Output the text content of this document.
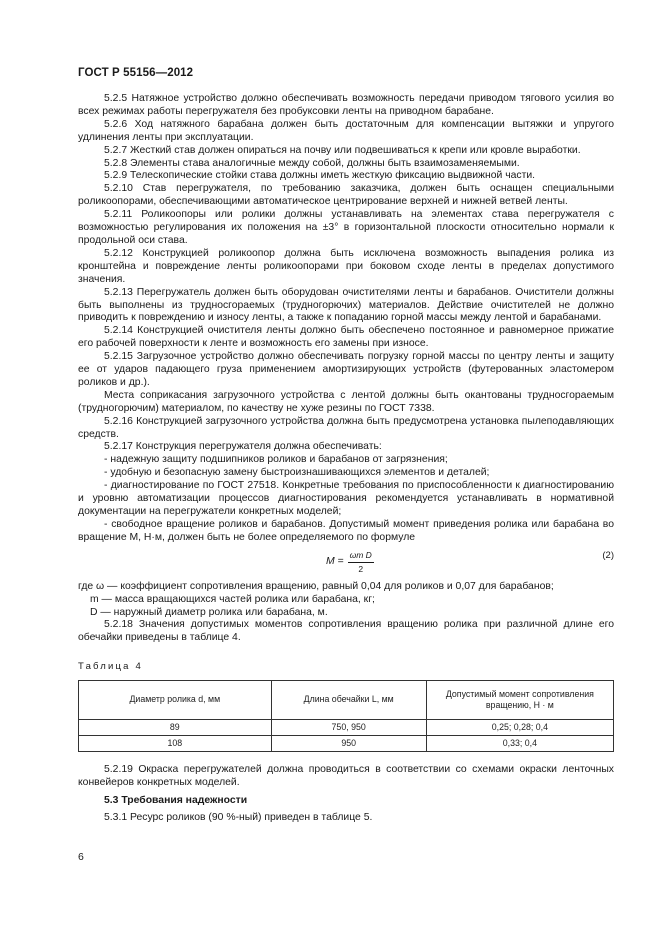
ГОСТ Р 55156—2012

5.2.5 Натяжное устройство должно обеспечивать возможность передачи приводом тягового усилия во всех режимах работы перегружателя без пробуксовки ленты на приводном барабане.

5.2.6 Ход натяжного барабана должен быть достаточным для компенсации вытяжки и упругого удлинения ленты при эксплуатации.

5.2.7 Жесткий став должен опираться на почву или подвешиваться к крепи или кровле выработки.

5.2.8 Элементы става аналогичные между собой, должны быть взаимозаменяемыми.

5.2.9 Телескопические стойки става должны иметь жесткую фиксацию выдвижной части.

5.2.10 Став перегружателя, по требованию заказчика, должен быть оснащен специальными роликоопорами, обеспечивающими автоматическое центрирование верхней и нижней ветвей ленты.

5.2.11 Роликоопоры или ролики должны устанавливать на элементах става перегружателя с возможностью регулирования их положения на ±3° в горизонтальной плоскости относительно нормали к продольной оси става.

5.2.12 Конструкцией роликоопор должна быть исключена возможность выпадения ролика из кронштейна и повреждение ленты роликоопорами при боковом сходе ленты в пределах допустимого значения.

5.2.13 Перегружатель должен быть оборудован очистителями ленты и барабанов. Очистители должны быть выполнены из трудносгораемых (трудногорючих) материалов. Действие очистителей не должно приводить к повреждению и износу ленты, а также к попаданию горной массы между лентой и барабанами.

5.2.14 Конструкцией очистителя ленты должно быть обеспечено постоянное и равномерное прижатие его рабочей поверхности к ленте и возможность его замены при износе.

5.2.15 Загрузочное устройство должно обеспечивать погрузку горной массы по центру ленты и защиту ее от ударов падающего груза применением амортизирующих устройств (футерованных эластомером роликов и др.).

Места соприкасания загрузочного устройства с лентой должны быть окантованы трудносгораемым (трудногорючим) материалом, по качеству не хуже резины по ГОСТ 7338.

5.2.16 Конструкцией загрузочного устройства должна быть предусмотрена установка пылеподавляющих средств.

5.2.17 Конструкция перегружателя должна обеспечивать:

- надежную защиту подшипников роликов и барабанов от загрязнения;

- удобную и безопасную замену быстроизнашивающихся элементов и деталей;

- диагностирование по ГОСТ 27518. Конкретные требования по приспособленности к диагностированию и уровню автоматизации процессов диагностирования рекомендуется устанавливать в нормативной документации на перегружатели конкретных моделей;

- свободное вращение роликов и барабанов. Допустимый момент приведения ролика или барабана во вращение M, Н·м, должен быть не более определяемого по формуле

$M = \frac{\text{ωm D}}{2}$	(2)

где ω — коэффициент сопротивления вращению, равный 0,04 для роликов и 0,07 для барабанов;

m — масса вращающихся частей ролика или барабана, кг;

D — наружный диаметр ролика или барабана, м.

5.2.18 Значения допустимых моментов сопротивления вращению ролика при различной длине его обечайки приведены в таблице 4.

Таблица 4

Диаметр ролика d, мм	Длина обечайки L, мм	Допустимый момент сопротивления вращению, Н · м
89	750, 950	0,25; 0,28; 0,4
108	950	0,33; 0,4

5.2.19 Окраска перегружателей должна проводиться в соответствии со схемами окраски ленточных конвейеров конкретных моделей.

5.3 Требования надежности

5.3.1 Ресурс роликов (90 %-ный) приведен в таблице 5.

6
